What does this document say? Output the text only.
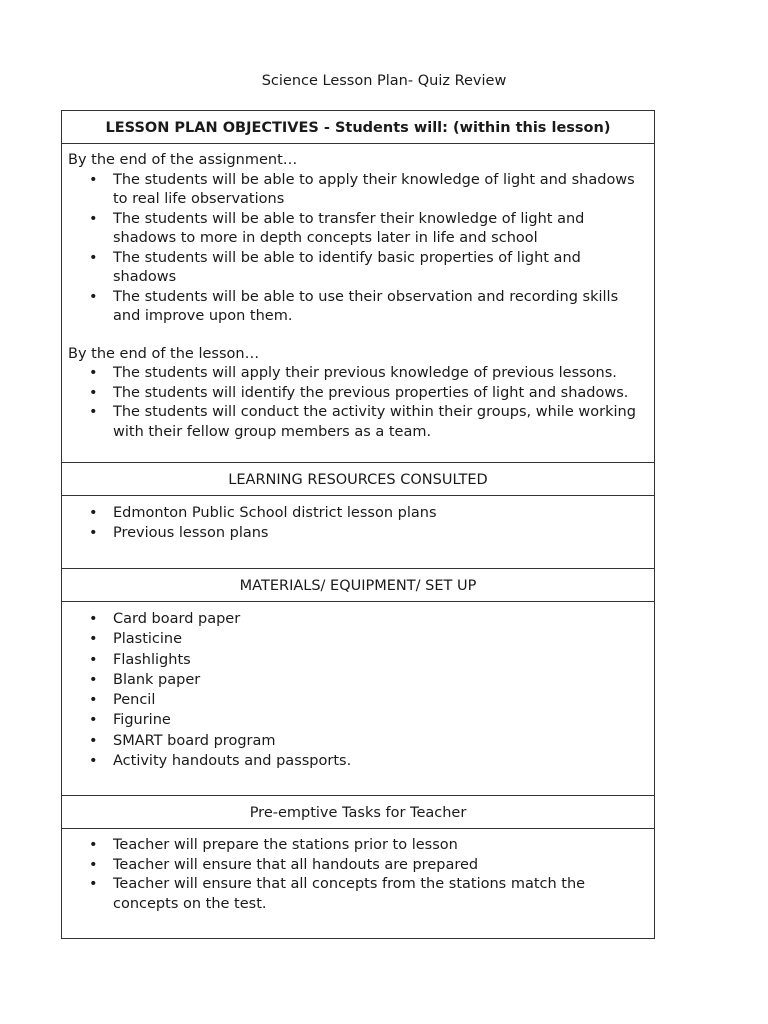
Science Lesson Plan- Quiz Review
LESSON PLAN OBJECTIVES - Students will: (within this lesson)
By the end of the assignment…
• The students will be able to apply their knowledge of light and shadows to real life observations
• The students will be able to transfer their knowledge of light and shadows to more in depth concepts later in life and school
• The students will be able to identify basic properties of light and shadows
• The students will be able to use their observation and recording skills and improve upon them.
By the end of the lesson…
• The students will apply their previous knowledge of previous lessons.
• The students will identify the previous properties of light and shadows.
• The students will conduct the activity within their groups, while working with their fellow group members as a team.
LEARNING RESOURCES CONSULTED
• Edmonton Public School district lesson plans
• Previous lesson plans
MATERIALS/ EQUIPMENT/ SET UP
• Card board paper
• Plasticine
• Flashlights
• Blank paper
• Pencil
• Figurine
• SMART board program
• Activity handouts and passports.
Pre-emptive Tasks for Teacher
• Teacher will prepare the stations prior to lesson
• Teacher will ensure that all handouts are prepared
• Teacher will ensure that all concepts from the stations match the concepts on the test.
